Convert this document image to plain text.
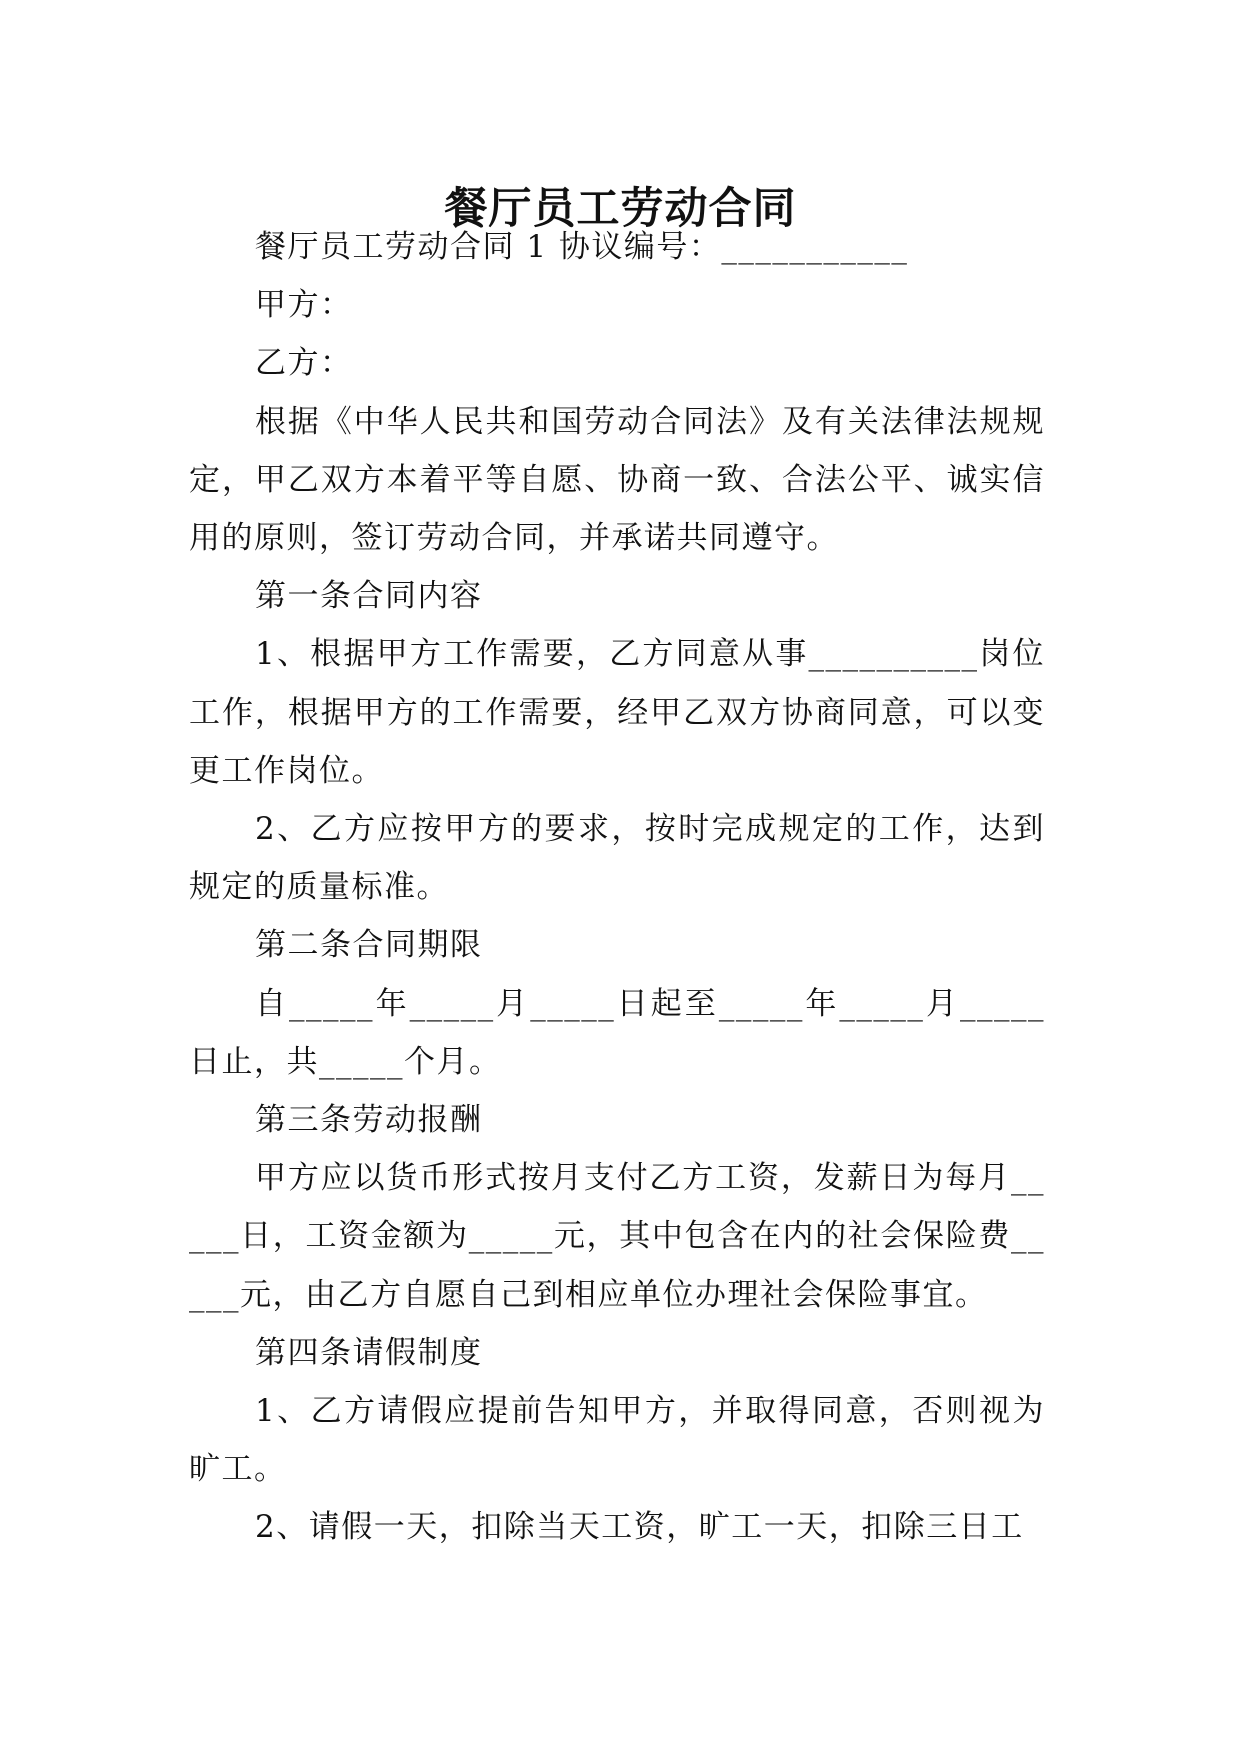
餐厅员工劳动合同

餐厅员工劳动合同 1 协议编号：___________

甲方：

乙方：

根据《中华人民共和国劳动合同法》及有关法律法规规定，甲乙双方本着平等自愿、协商一致、合法公平、诚实信用的原则，签订劳动合同，并承诺共同遵守。

第一条合同内容

1、根据甲方工作需要，乙方同意从事__________岗位工作，根据甲方的工作需要，经甲乙双方协商同意，可以变更工作岗位。

2、乙方应按甲方的要求，按时完成规定的工作，达到规定的质量标准。

第二条合同期限

自_____年_____月_____日起至_____年_____月_____日止，共_____个月。

第三条劳动报酬

甲方应以货币形式按月支付乙方工资，发薪日为每月_____日，工资金额为_____元，其中包含在内的社会保险费_____元，由乙方自愿自己到相应单位办理社会保险事宜。

第四条请假制度

1、乙方请假应提前告知甲方，并取得同意，否则视为旷工。

2、请假一天，扣除当天工资，旷工一天，扣除三日工
